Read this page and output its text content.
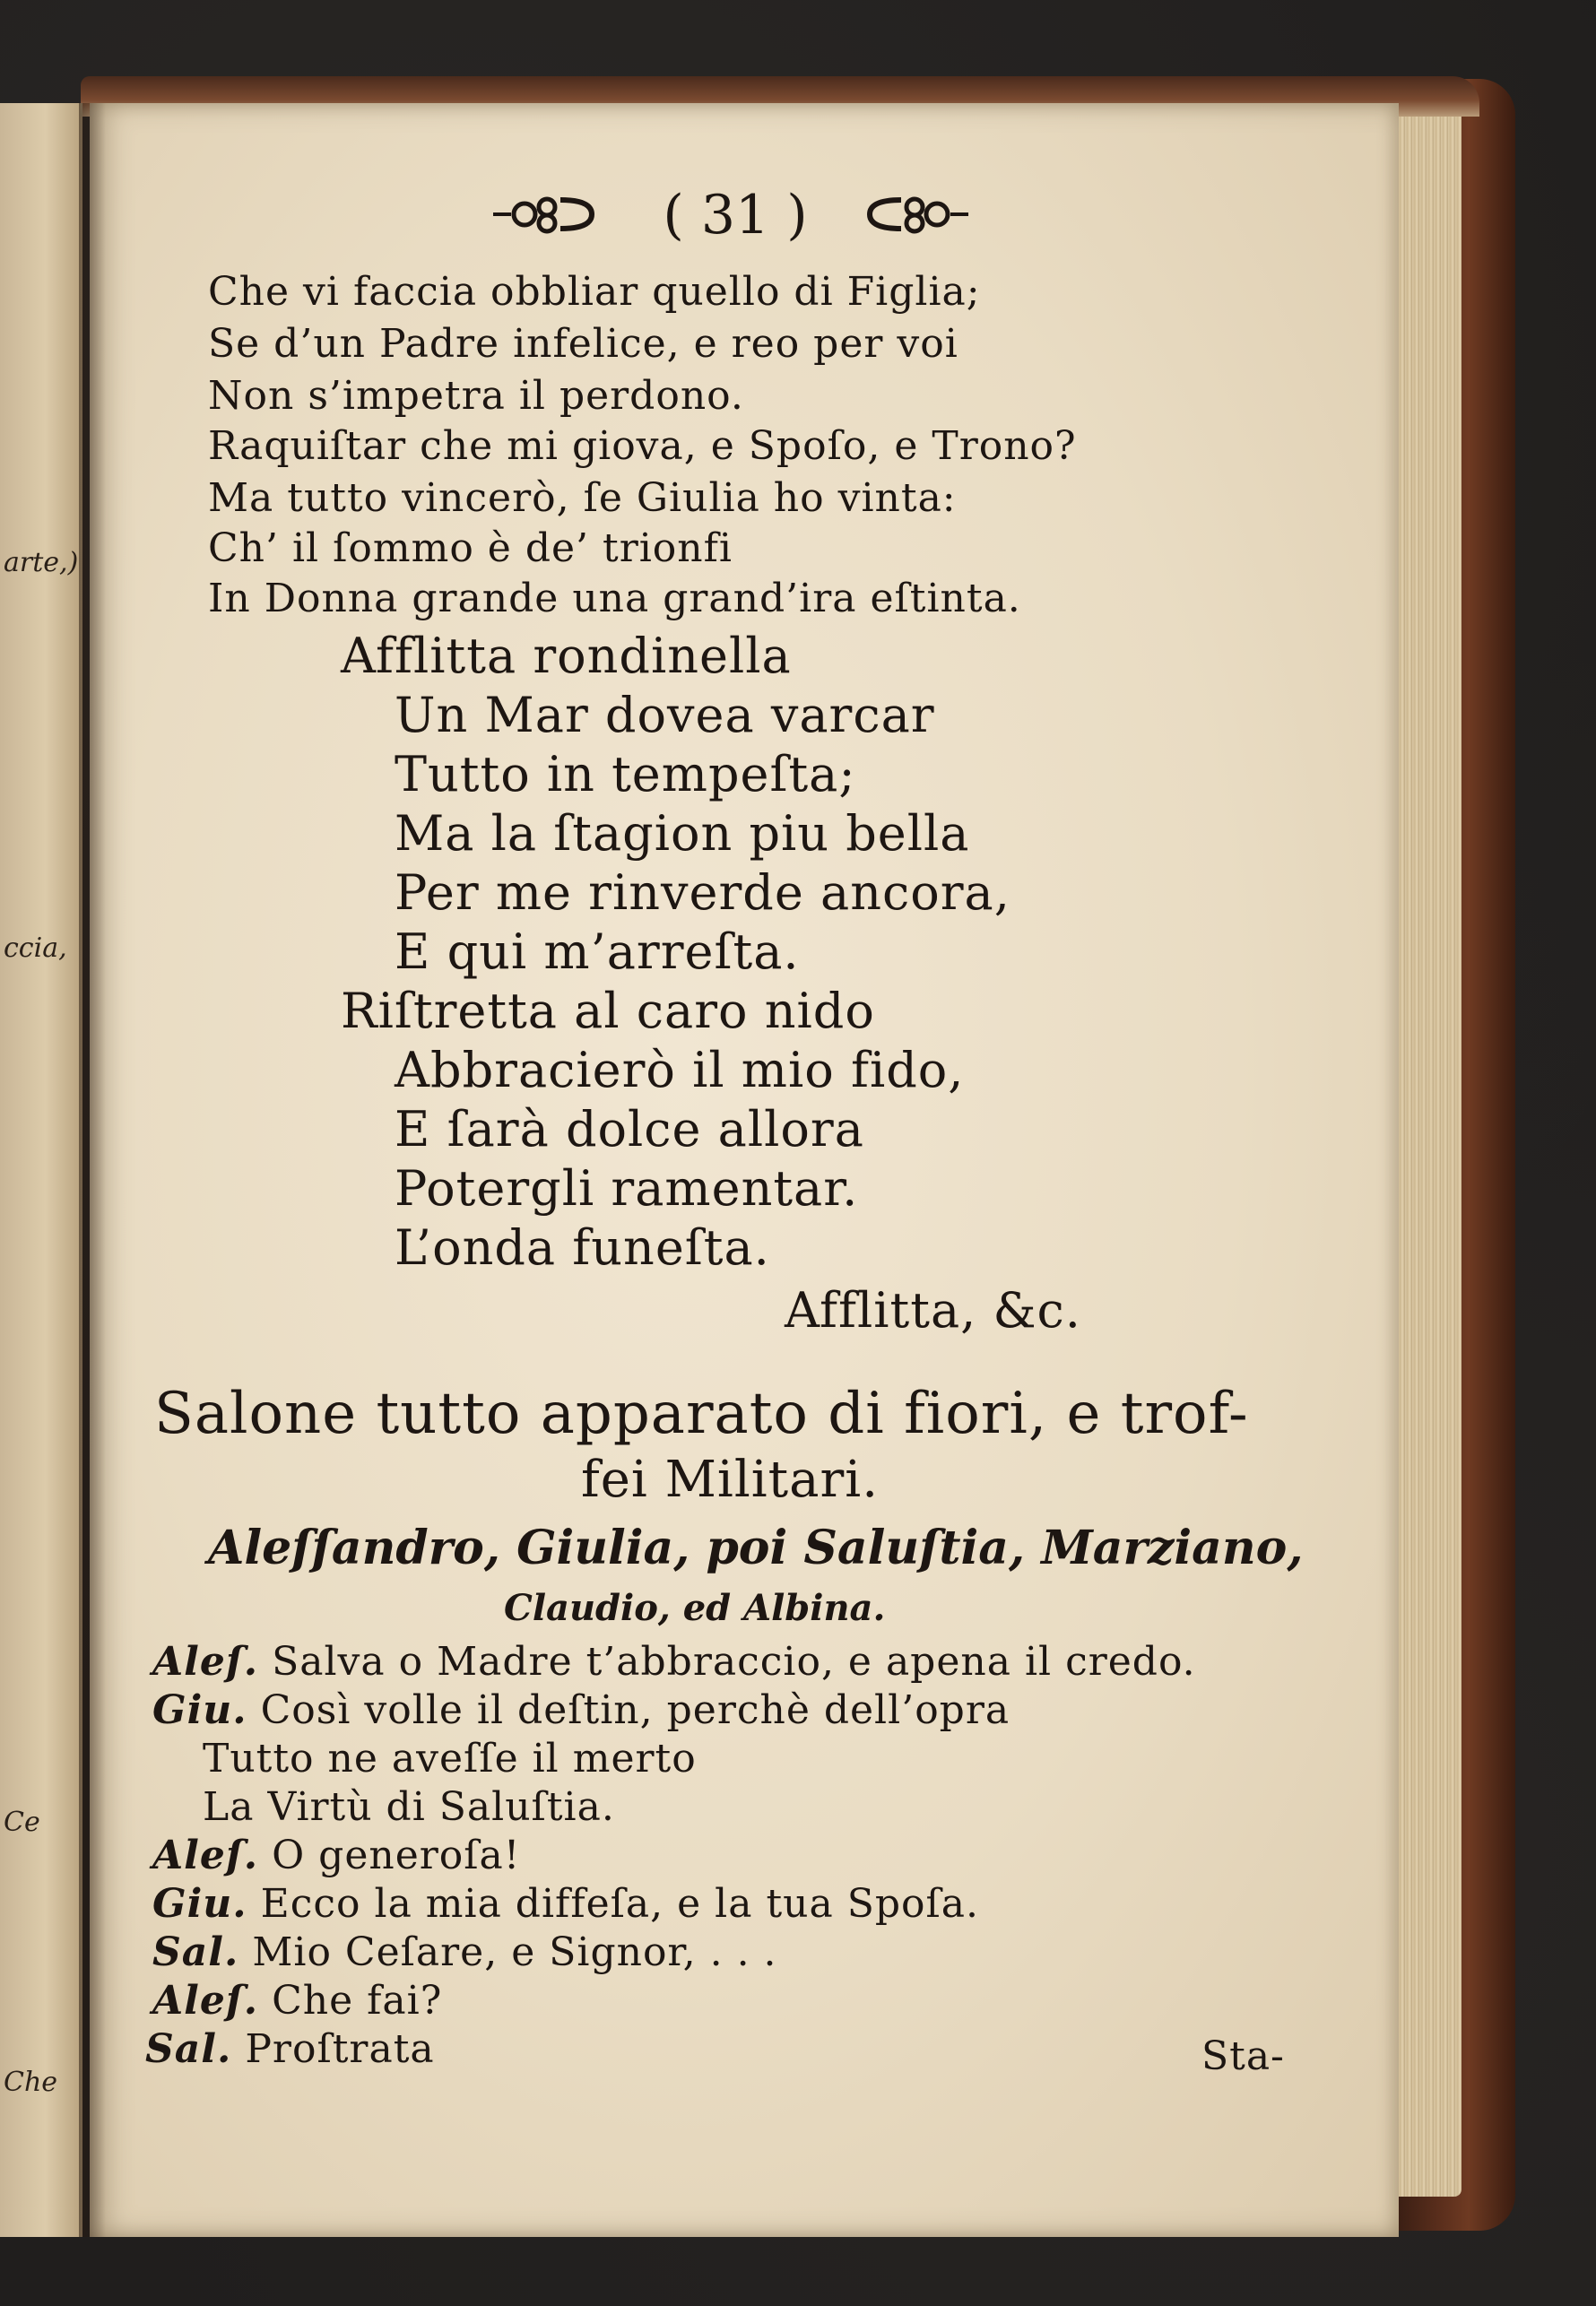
arte,)
ccia,
Ce
Che
( 31 )
Che vi faccia obbliar quello di Figlia;
Se d’un Padre infelice, e reo per voi
Non s’impetra il perdono.
Raquiſtar che mi giova, e Spoſo, e Trono?
Ma tutto vincerò, ſe Giulia ho vinta:
Ch’ il ſommo è de’ trionfi
In Donna grande una grand’ira eſtinta.
Afflitta rondinella
Un Mar dovea varcar
Tutto in tempeſta;
Ma la ſtagion piu bella
Per me rinverde ancora,
E qui m’arreſta.
Riſtretta al caro nido
Abbracierò il mio fido,
E ſarà dolce allora
Potergli ramentar.
L’onda funeſta.
Afflitta, &c.
Salone tutto apparato di fiori, e trof-
fei Militari.
Aleſſandro, Giulia, poi Saluſtia, Marziano,
Claudio, ed Albina.
Aleſ. Salva o Madre t’abbraccio, e apena il credo.
Giu. Così volle il deſtin, perchè dell’opra
Tutto ne aveſſe il merto
La Virtù di Saluſtia.
Aleſ. O generoſa!
Giu. Ecco la mia diffeſa, e la tua Spoſa.
Sal. Mio Ceſare, e Signor, . . .
Aleſ. Che fai?
Sal. Proſtrata	Sta-
